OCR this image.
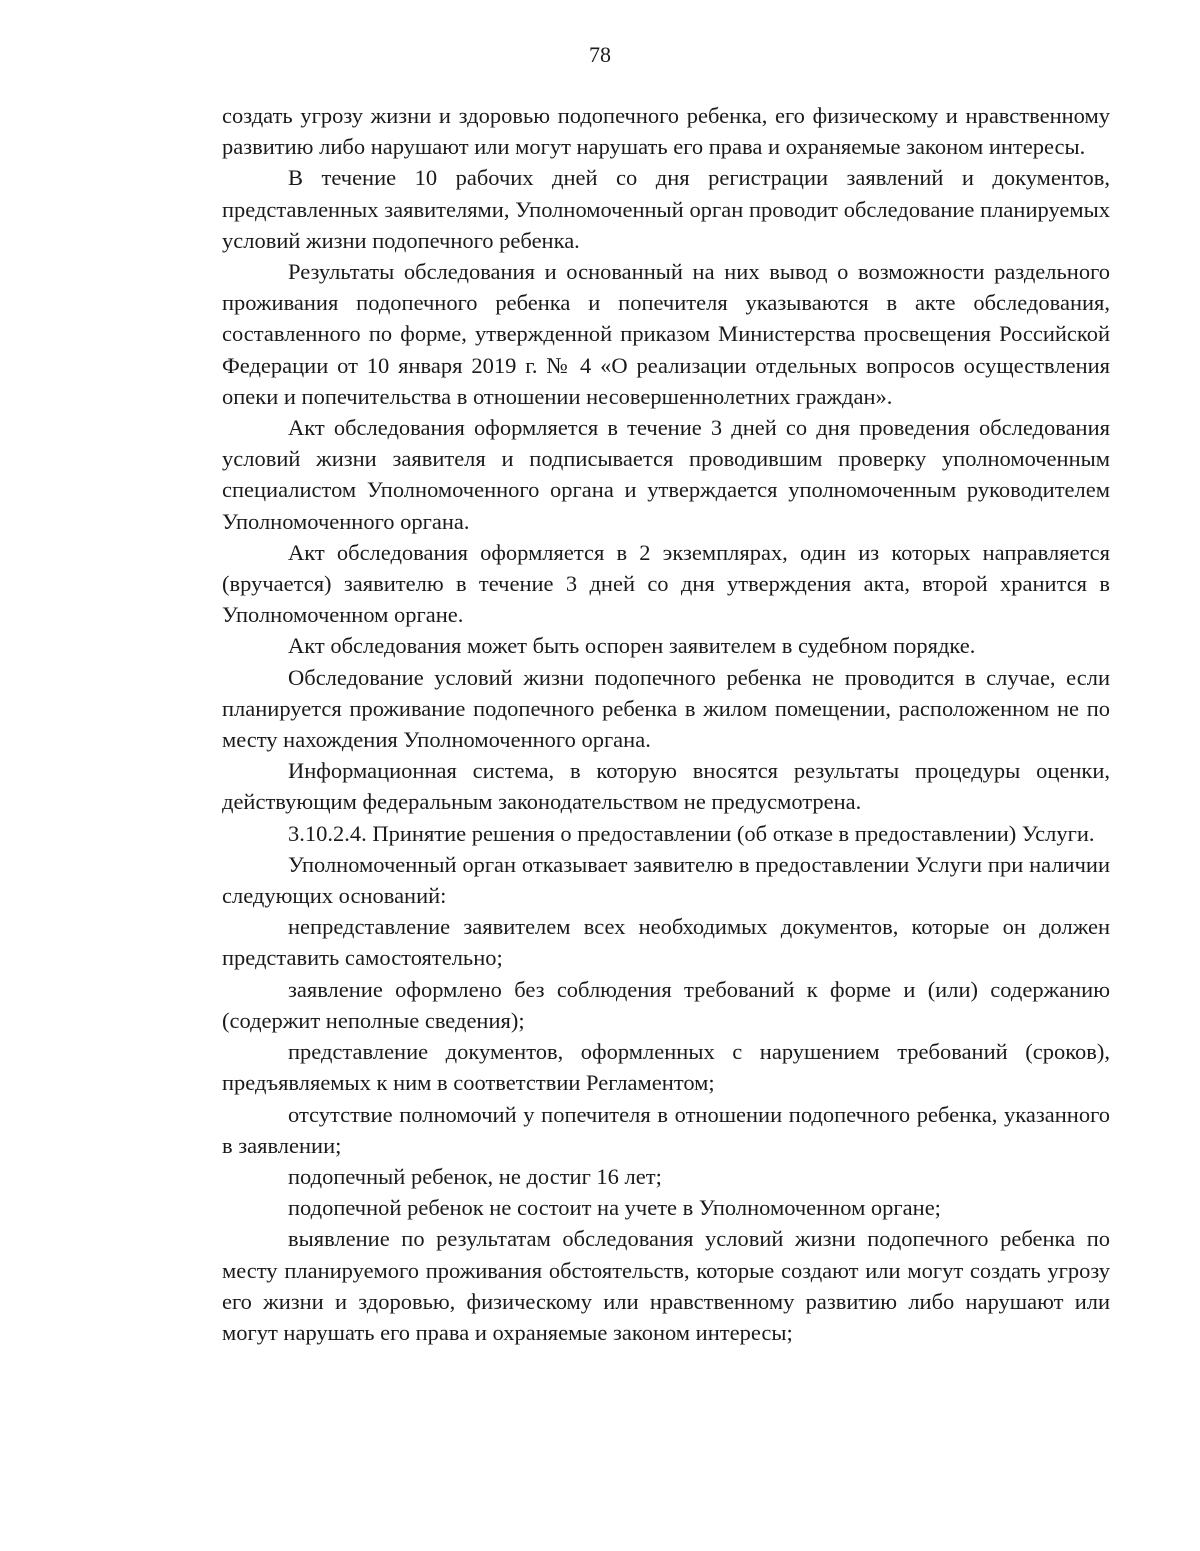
78

создать угрозу жизни и здоровью подопечного ребенка, его физическому и нравственному развитию либо нарушают или могут нарушать его права и охраняемые законом интересы.

В течение 10 рабочих дней со дня регистрации заявлений и документов, представленных заявителями, Уполномоченный орган проводит обследование планируемых условий жизни подопечного ребенка.

Результаты обследования и основанный на них вывод о возможности раздельного проживания подопечного ребенка и попечителя указываются в акте обследования, составленного по форме, утвержденной приказом Министерства просвещения Российской Федерации от 10 января 2019 г. № 4 «О реализации отдельных вопросов осуществления опеки и попечительства в отношении несовершеннолетних граждан».

Акт обследования оформляется в течение 3 дней со дня проведения обследования условий жизни заявителя и подписывается проводившим проверку уполномоченным специалистом Уполномоченного органа и утверждается уполномоченным руководителем Уполномоченного органа.

Акт обследования оформляется в 2 экземплярах, один из которых направляется (вручается) заявителю в течение 3 дней со дня утверждения акта, второй хранится в Уполномоченном органе.

Акт обследования может быть оспорен заявителем в судебном порядке.

Обследование условий жизни подопечного ребенка не проводится в случае, если планируется проживание подопечного ребенка в жилом помещении, расположенном не по месту нахождения Уполномоченного органа.

Информационная система, в которую вносятся результаты процедуры оценки, действующим федеральным законодательством не предусмотрена.

3.10.2.4. Принятие решения о предоставлении (об отказе в предоставлении) Услуги.

Уполномоченный орган отказывает заявителю в предоставлении Услуги при наличии следующих оснований:

непредставление заявителем всех необходимых документов, которые он должен представить самостоятельно;

заявление оформлено без соблюдения требований к форме и (или) содержанию (содержит неполные сведения);

представление документов, оформленных с нарушением требований (сроков), предъявляемых к ним в соответствии Регламентом;

отсутствие полномочий у попечителя в отношении подопечного ребенка, указанного в заявлении;

подопечный ребенок, не достиг 16 лет;

подопечной ребенок не состоит на учете в Уполномоченном органе;

выявление по результатам обследования условий жизни подопечного ребенка по месту планируемого проживания обстоятельств, которые создают или могут создать угрозу его жизни и здоровью, физическому или нравственному развитию либо нарушают или могут нарушать его права и охраняемые законом интересы;
